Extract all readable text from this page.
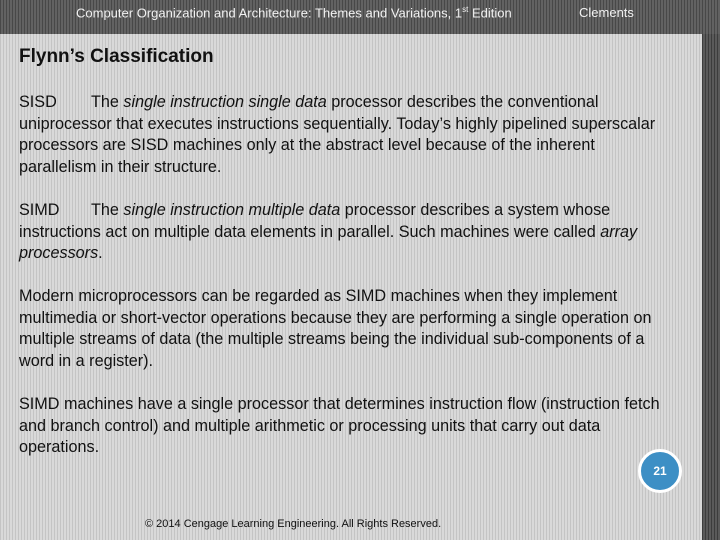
Computer Organization and Architecture: Themes and Variations, 1st Edition	Clements
Flynn’s Classification
SISD The single instruction single data processor describes the conventional uniprocessor that executes instructions sequentially. Today’s highly pipelined superscalar processors are SISD machines only at the abstract level because of the inherent parallelism in their structure.
SIMD The single instruction multiple data processor describes a system whose instructions act on multiple data elements in parallel. Such machines were called array processors.
Modern microprocessors can be regarded as SIMD machines when they implement multimedia or short-vector operations because they are performing a single operation on multiple streams of data (the multiple streams being the individual sub-components of a word in a register).
SIMD machines have a single processor that determines instruction flow (instruction fetch and branch control) and multiple arithmetic or processing units that carry out data operations.
21
© 2014 Cengage Learning Engineering. All Rights Reserved.
